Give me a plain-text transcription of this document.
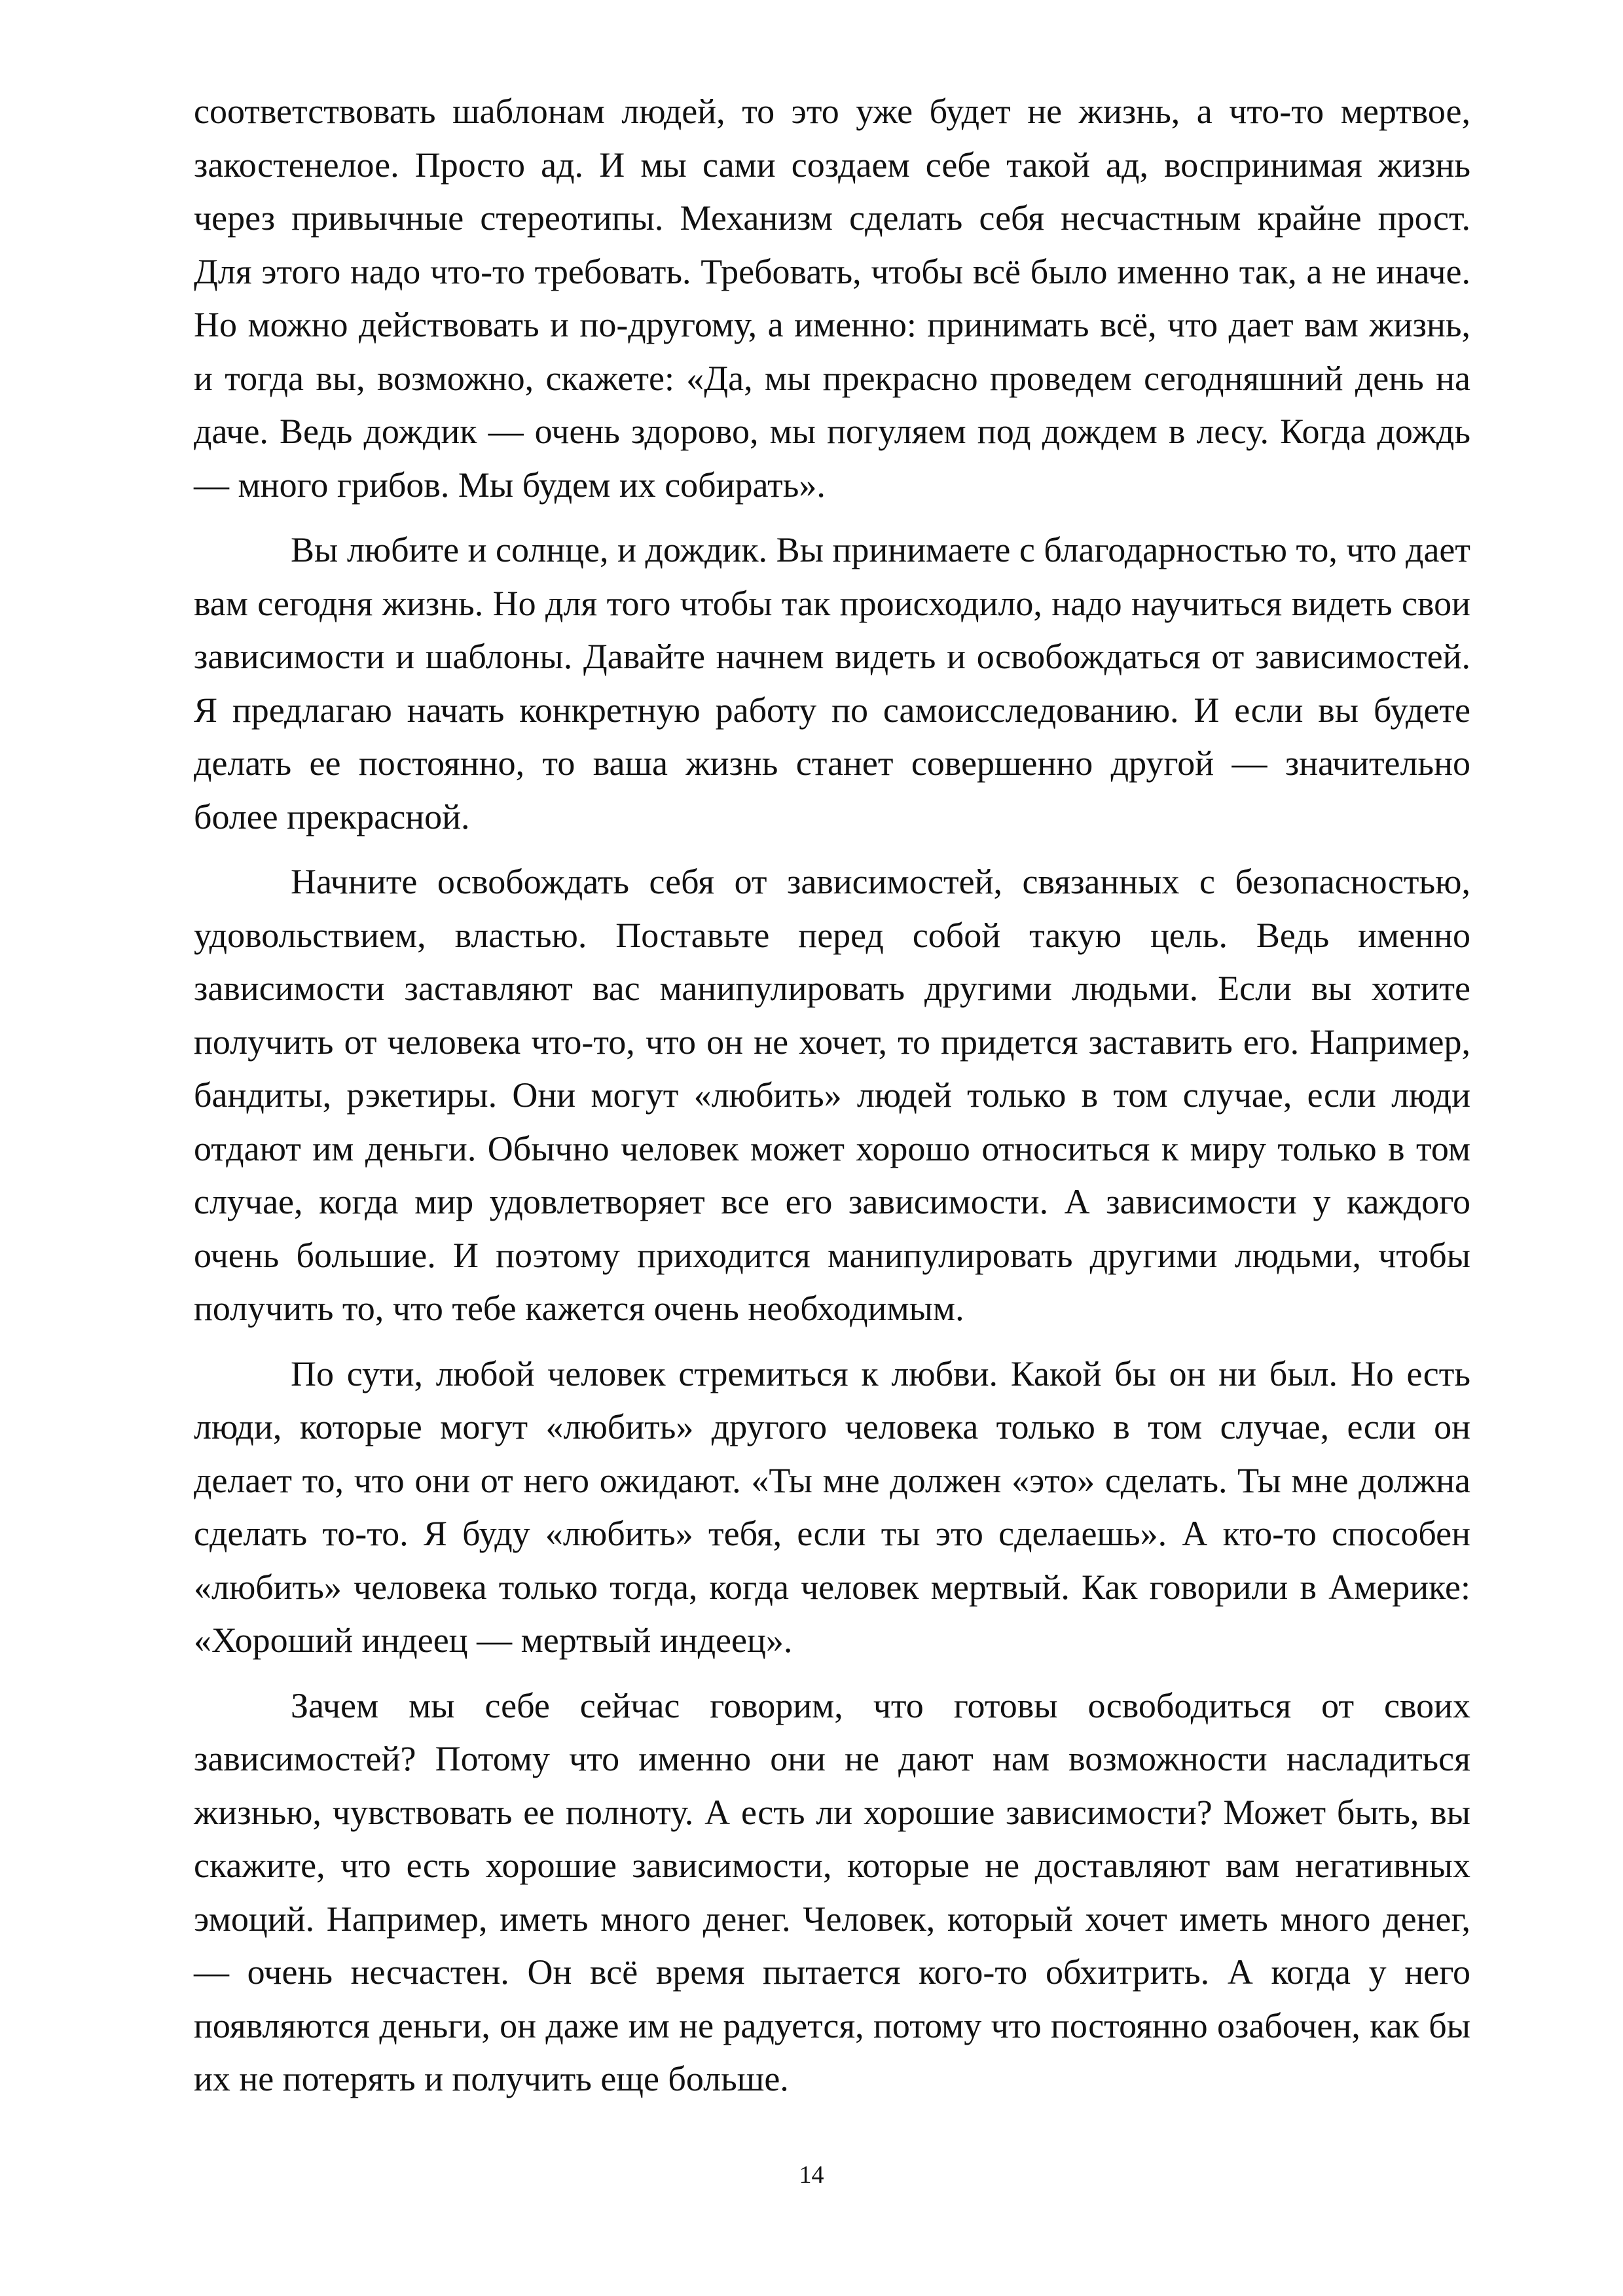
соответствовать шаблонам людей, то это уже будет не жизнь, а что-то мертвое, закостенелое. Просто ад. И мы сами создаем себе такой ад, воспринимая жизнь через привычные стереотипы. Механизм сделать себя несчастным крайне прост. Для этого надо что-то требовать. Требовать, чтобы всё было именно так, а не иначе. Но можно действовать и по-другому, а именно: принимать всё, что дает вам жизнь, и тогда вы, возможно, скажете: «Да, мы прекрасно проведем сегодняшний день на даче. Ведь дождик — очень здорово, мы погуляем под дождем в лесу. Когда дождь — много грибов. Мы будем их собирать».

Вы любите и солнце, и дождик. Вы принимаете с благодарностью то, что дает вам сегодня жизнь. Но для того чтобы так происходило, надо научиться видеть свои зависимости и шаблоны. Давайте начнем видеть и освобождаться от зависимостей. Я предлагаю начать конкретную работу по самоисследованию. И если вы будете делать ее постоянно, то ваша жизнь станет совершенно другой — значительно более прекрасной.

Начните освобождать себя от зависимостей, связанных с безопасностью, удовольствием, властью. Поставьте перед собой такую цель. Ведь именно зависимости заставляют вас манипулировать другими людьми. Если вы хотите получить от человека что-то, что он не хочет, то придется заставить его. Например, бандиты, рэкетиры. Они могут «любить» людей только в том случае, если люди отдают им деньги. Обычно человек может хорошо относиться к миру только в том случае, когда мир удовлетворяет все его зависимости. А зависимости у каждого очень большие. И поэтому приходится манипулировать другими людьми, чтобы получить то, что тебе кажется очень необходимым.

По сути, любой человек стремиться к любви. Какой бы он ни был. Но есть люди, которые могут «любить» другого человека только в том случае, если он делает то, что они от него ожидают. «Ты мне должен «это» сделать. Ты мне должна сделать то-то. Я буду «любить» тебя, если ты это сделаешь». А кто-то способен «любить» человека только тогда, когда человек мертвый. Как говорили в Америке: «Хороший индеец — мертвый индеец».

Зачем мы себе сейчас говорим, что готовы освободиться от своих зависимостей? Потому что именно они не дают нам возможности насладиться жизнью, чувствовать ее полноту. А есть ли хорошие зависимости? Может быть, вы скажите, что есть хорошие зависимости, которые не доставляют вам негативных эмоций. Например, иметь много денег. Человек, который хочет иметь много денег, — очень несчастен. Он всё время пытается кого-то обхитрить. А когда у него появляются деньги, он даже им не радуется, потому что постоянно озабочен, как бы их не потерять и получить еще больше.

14
